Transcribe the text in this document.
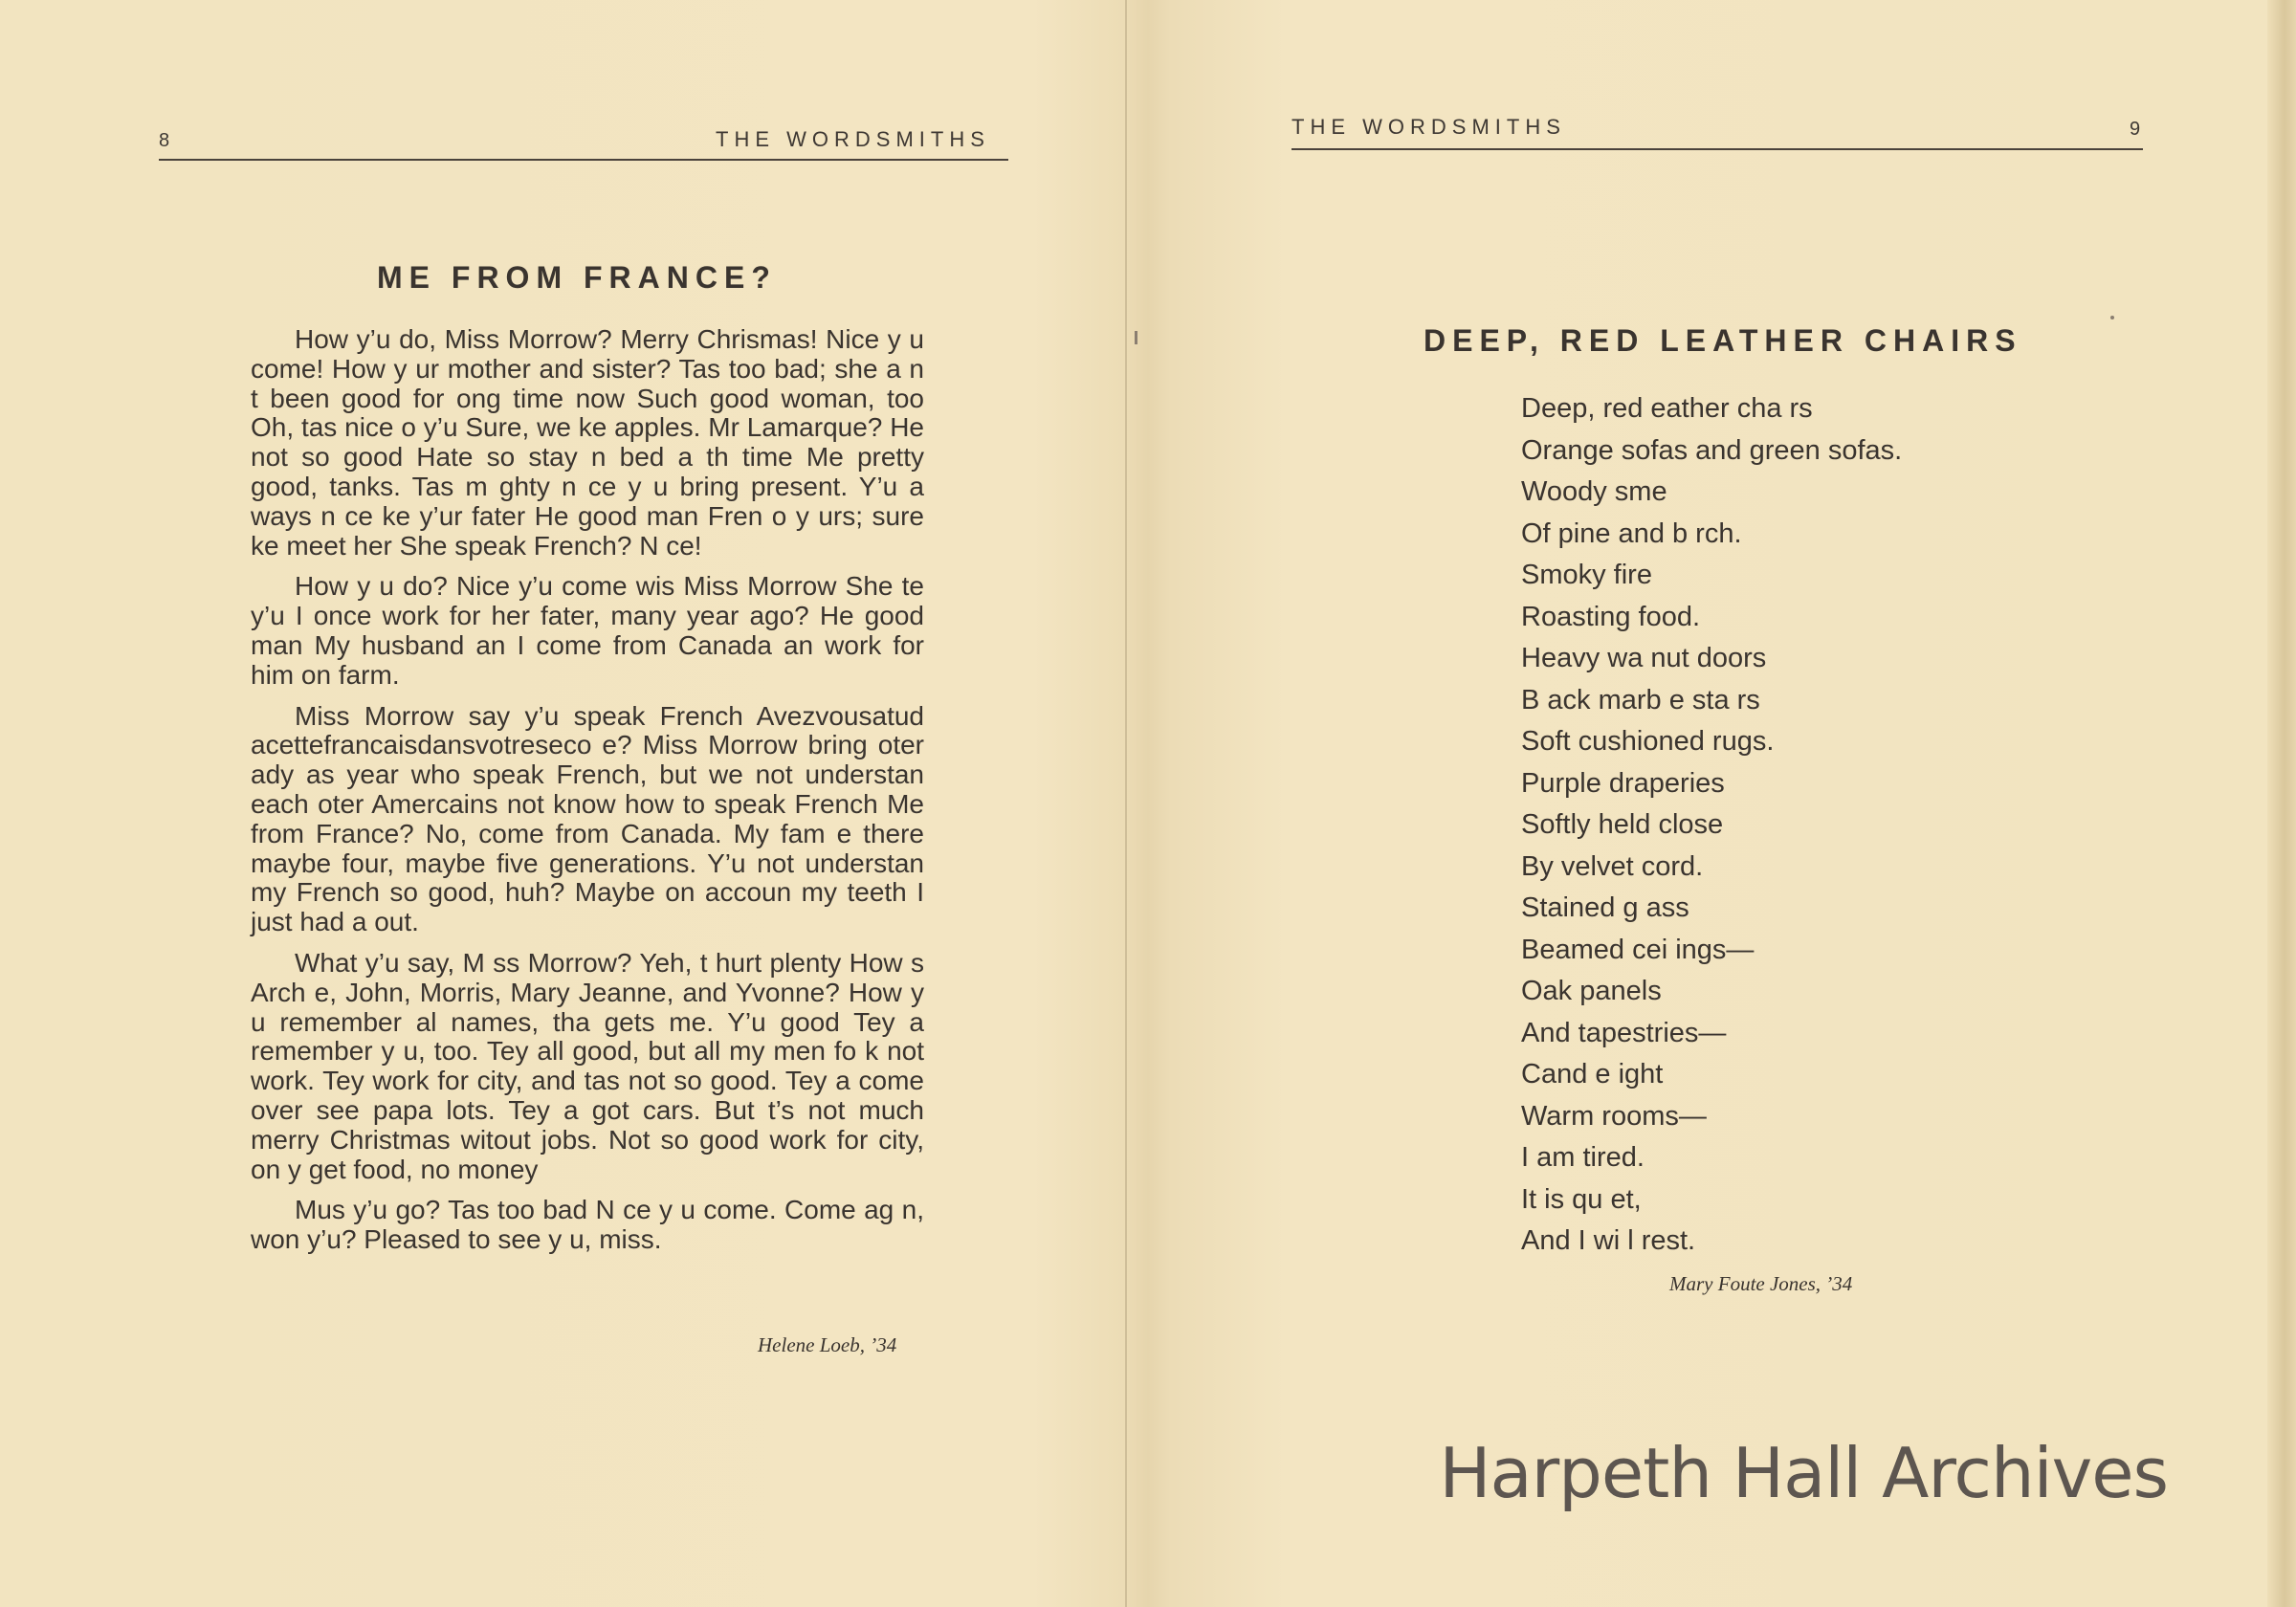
8	THE WORDSMITHS
ME FROM FRANCE?

How y’u do, Miss Morrow? Merry Chrismas! Nice y u come! How y ur mother and sister? Tas too bad; she a n t been good for ong time now Such good woman, too Oh, tas nice o y’u Sure, we ke apples. Mr Lamarque? He not so good Hate so stay n bed a th time Me pretty good, tanks. Tas m ghty n ce y u bring present. Y’u a ways n ce ke y’ur fater He good man Fren o y urs; sure ke meet her She speak French? N ce!

How y u do? Nice y’u come wis Miss Morrow She te y’u I once work for her fater, many year ago? He good man My husband an I come from Canada an work for him on farm.

Miss Morrow say y’u speak French Avezvousatud acettefrancaisdansvotreseco e? Miss Morrow bring oter ady as year who speak French, but we not understan each oter Amercains not know how to speak French Me from France? No, come from Canada. My fam e there maybe four, maybe five generations. Y’u not understan my French so good, huh? Maybe on accoun my teeth I just had a out.

What y’u say, M ss Morrow? Yeh, t hurt plenty How s Arch e, John, Morris, Mary Jeanne, and Yvonne? How y u remember al names, tha gets me. Y’u good Tey a remember y u, too. Tey all good, but all my men fo k not work. Tey work for city, and tas not so good. Tey a come over see papa lots. Tey a got cars. But t’s not much merry Christmas witout jobs. Not so good work for city, on y get food, no money

Mus y’u go? Tas too bad N ce y u come. Come ag n, won y’u? Pleased to see y u, miss.

Helene Loeb, ’34
THE WORDSMITHS	9
DEEP, RED LEATHER CHAIRS
Deep, red eather cha rs
Orange sofas and green sofas.
Woody sme
Of pine and b rch.
Smoky fire
Roasting food.
Heavy wa nut doors
B ack marb e sta rs
Soft cushioned rugs.
Purple draperies
Softly held close
By velvet cord.
Stained g ass
Beamed cei ings—
Oak panels
And tapestries—
Cand e ight
Warm rooms—
I am tired.
It is qu et,
And I wi l rest.
Mary Foute Jones, ’34
Harpeth Hall Archives
